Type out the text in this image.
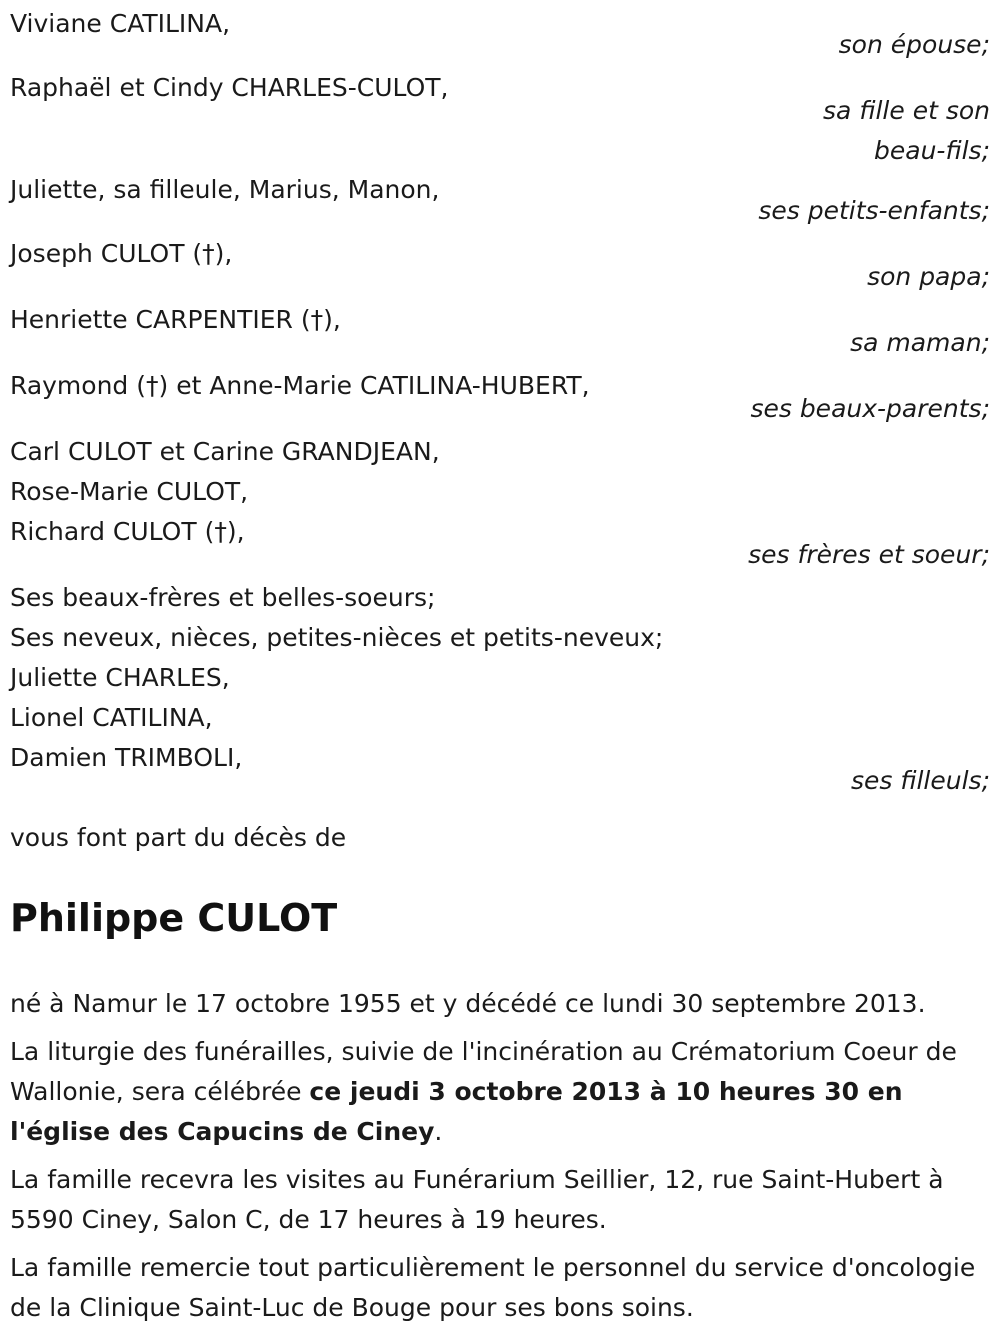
Viviane CATILINA,
son épouse;
Raphaël et Cindy CHARLES-CULOT,
sa fille et son
beau-fils;
Juliette, sa filleule, Marius, Manon,
ses petits-enfants;
Joseph CULOT (†),
son papa;
Henriette CARPENTIER (†),
sa maman;
Raymond (†) et Anne-Marie CATILINA-HUBERT,
ses beaux-parents;
Carl CULOT et Carine GRANDJEAN,
Rose-Marie CULOT,
Richard CULOT (†),
ses frères et soeur;
Ses beaux-frères et belles-soeurs;
Ses neveux, nièces, petites-nièces et petits-neveux;
Juliette CHARLES,
Lionel CATILINA,
Damien TRIMBOLI,
ses filleuls;
vous font part du décès de
Philippe CULOT
né à Namur le 17 octobre 1955 et y décédé ce lundi 30 septembre 2013.
La liturgie des funérailles, suivie de l'incinération au Crématorium Coeur de Wallonie, sera célébrée ce jeudi 3 octobre 2013 à 10 heures 30 en l'église des Capucins de Ciney.
La famille recevra les visites au Funérarium Seillier, 12, rue Saint-Hubert à 5590 Ciney, Salon C, de 17 heures à 19 heures.
La famille remercie tout particulièrement le personnel du service d'oncologie de la Clinique Saint-Luc de Bouge pour ses bons soins.
